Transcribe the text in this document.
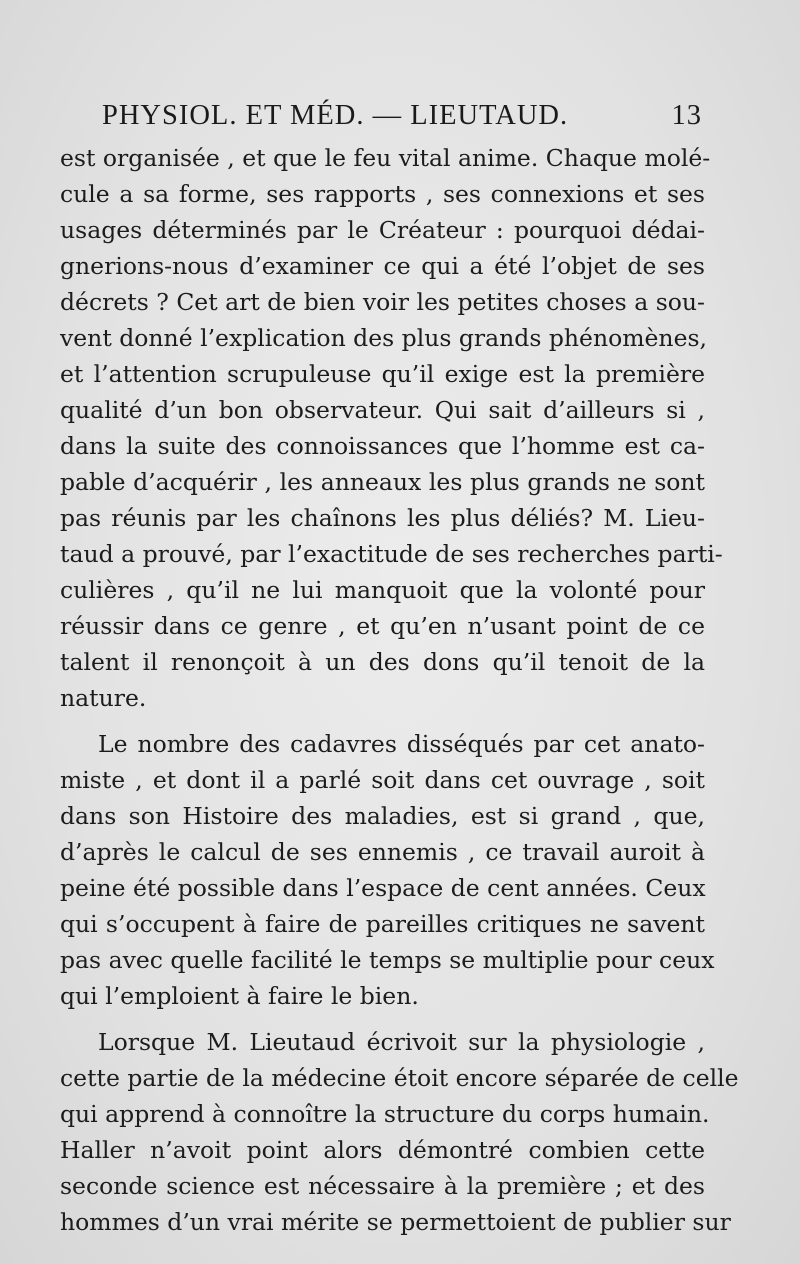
PHYSIOL. ET MÉD. — LIEUTAUD.	13
est organisée , et que le feu vital anime. Chaque molé-
cule a sa forme, ses rapports , ses connexions et ses
usages déterminés par le Créateur : pourquoi dédai-
gnerions-nous d’examiner ce qui a été l’objet de ses
décrets ? Cet art de bien voir les petites choses a sou-
vent donné l’explication des plus grands phénomènes,
et l’attention scrupuleuse qu’il exige est la première
qualité d’un bon observateur. Qui sait d’ailleurs si ,
dans la suite des connoissances que l’homme est ca-
pable d’acquérir , les anneaux les plus grands ne sont
pas réunis par les chaînons les plus déliés? M. Lieu-
taud a prouvé, par l’exactitude de ses recherches parti-
culières , qu’il ne lui manquoit que la volonté pour
réussir dans ce genre , et qu’en n’usant point de ce
talent il renonçoit à un des dons qu’il tenoit de la
nature.
Le nombre des cadavres disséqués par cet anato-
miste , et dont il a parlé soit dans cet ouvrage , soit
dans son Histoire des maladies, est si grand , que,
d’après le calcul de ses ennemis , ce travail auroit à
peine été possible dans l’espace de cent années. Ceux
qui s’occupent à faire de pareilles critiques ne savent
pas avec quelle facilité le temps se multiplie pour ceux
qui l’emploient à faire le bien.
Lorsque M. Lieutaud écrivoit sur la physiologie ,
cette partie de la médecine étoit encore séparée de celle
qui apprend à connoître la structure du corps humain.
Haller n’avoit point alors démontré combien cette
seconde science est nécessaire à la première ; et des
hommes d’un vrai mérite se permettoient de publier sur
